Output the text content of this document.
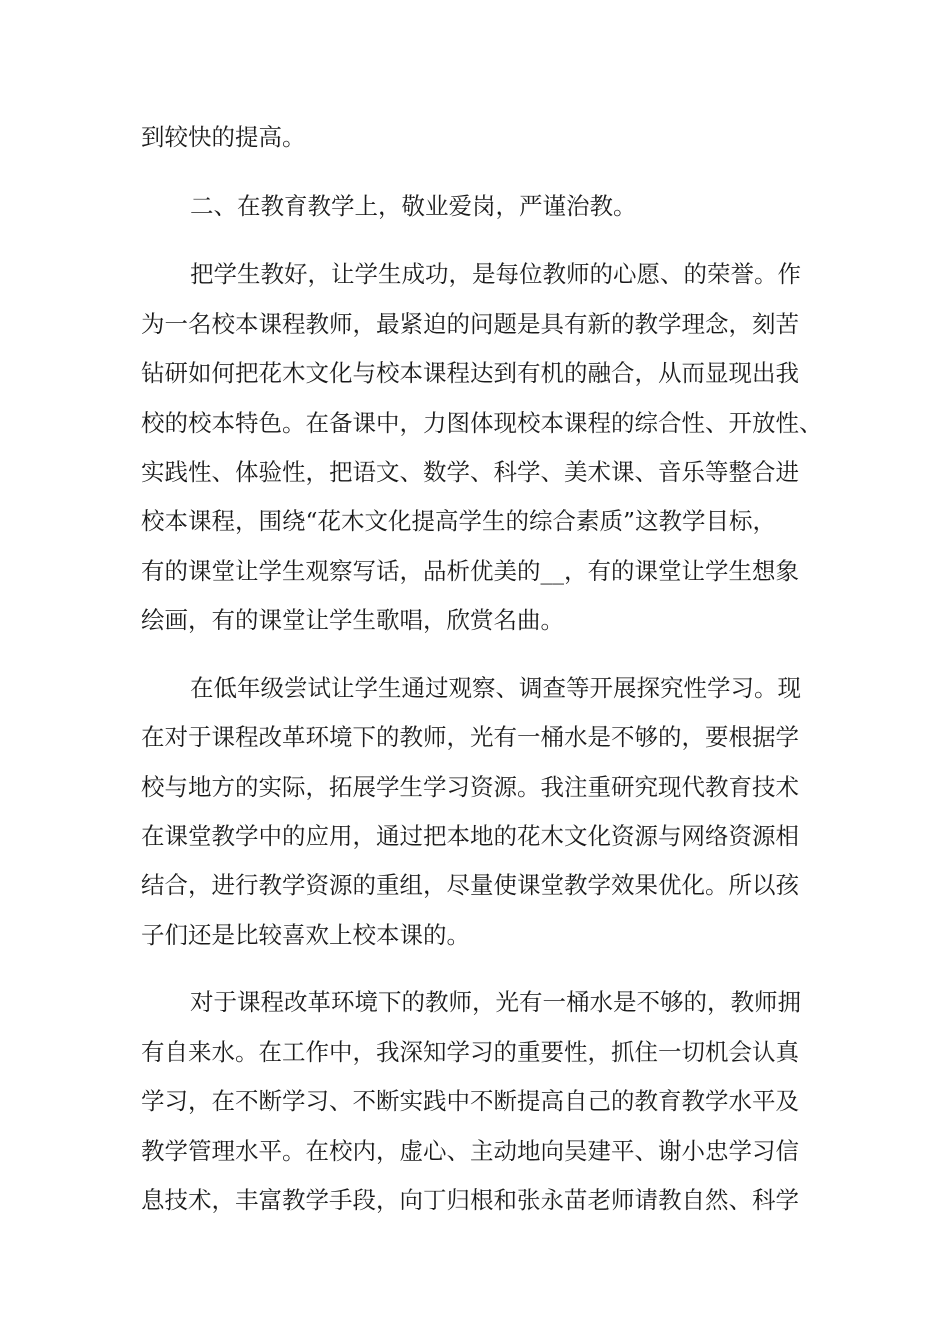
到较快的提高。

二、在教育教学上，敬业爱岗，严谨治教。

把学生教好，让学生成功，是每位教师的心愿、的荣誉。作

为一名校本课程教师，最紧迫的问题是具有新的教学理念，刻苦

钻研如何把花木文化与校本课程达到有机的融合，从而显现出我

校的校本特色。在备课中，力图体现校本课程的综合性、开放性、

实践性、体验性，把语文、数学、科学、美术课、音乐等整合进

校本课程，围绕“花木文化提高学生的综合素质”这教学目标，

有的课堂让学生观察写话，品析优美的__，有的课堂让学生想象

绘画，有的课堂让学生歌唱，欣赏名曲。

在低年级尝试让学生通过观察、调查等开展探究性学习。现

在对于课程改革环境下的教师，光有一桶水是不够的，要根据学

校与地方的实际，拓展学生学习资源。我注重研究现代教育技术

在课堂教学中的应用，通过把本地的花木文化资源与网络资源相

结合，进行教学资源的重组，尽量使课堂教学效果优化。所以孩

子们还是比较喜欢上校本课的。

对于课程改革环境下的教师，光有一桶水是不够的，教师拥

有自来水。在工作中，我深知学习的重要性，抓住一切机会认真

学习，在不断学习、不断实践中不断提高自己的教育教学水平及

教学管理水平。在校内，虚心、主动地向吴建平、谢小忠学习信

息技术，丰富教学手段，向丁归根和张永苗老师请教自然、科学
